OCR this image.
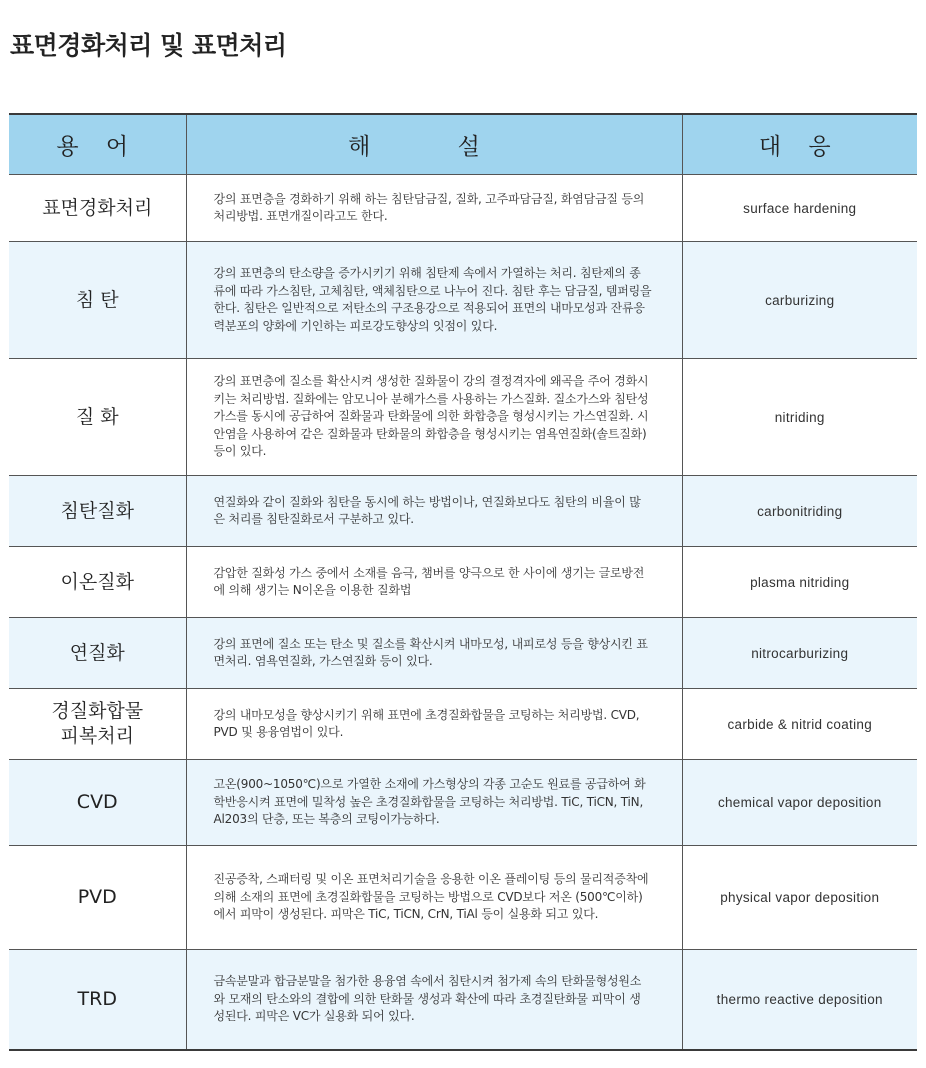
표면경화처리 및 표면처리
용 어	해 설	대 응
표면경화처리	강의 표면층을 경화하기 위해 하는 침탄담금질, 질화, 고주파담금질, 화염담금질 등의 처리방법. 표면개질이라고도 한다.	surface hardening
침 탄	강의 표면층의 탄소량을 증가시키기 위해 침탄제 속에서 가열하는 처리. 침탄제의 종류에 따라 가스침탄, 고체침탄, 액체침탄으로 나누어 진다. 침탄 후는 담금질, 템퍼링을 한다. 침탄은 일반적으로 저탄소의 구조용강으로 적용되어 표면의 내마모성과 잔류응력분포의 양화에 기인하는 피로강도향상의 잇점이 있다.	carburizing
질 화	강의 표면층에 질소를 확산시켜 생성한 질화물이 강의 결정격자에 왜곡을 주어 경화시키는 처리방법. 질화에는 암모니아 분해가스를 사용하는 가스질화. 질소가스와 침탄성 가스를 동시에 공급하여 질화물과 탄화물에 의한 화합층을 형성시키는 가스연질화. 시안염을 사용하여 같은 질화물과 탄화물의 화합층을 형성시키는 염욕연질화(솔트질화) 등이 있다.	nitriding
침탄질화	연질화와 같이 질화와 침탄을 동시에 하는 방법이나, 연질화보다도 침탄의 비율이 많은 처리를 침탄질화로서 구분하고 있다.	carbonitriding
이온질화	감압한 질화성 가스 중에서 소재를 음극, 챔버를 양극으로 한 사이에 생기는 글로방전에 의해 생기는 N이온을 이용한 질화법	plasma nitriding
연질화	강의 표면에 질소 또는 탄소 및 질소를 확산시켜 내마모성, 내피로성 등을 향상시킨 표면처리. 염욕연질화, 가스연질화 등이 있다.	nitrocarburizing
경질화합물
피복처리	강의 내마모성을 향상시키기 위해 표면에 초경질화합물을 코팅하는 처리방법. CVD, PVD 및 용융염법이 있다.	carbide & nitrid coating
CVD	고온(900~1050℃)으로 가열한 소재에 가스형상의 각종 고순도 원료를 공급하여 화학반응시켜 표면에 밀착성 높은 초경질화합물을 코팅하는 처리방법. TiC, TiCN, TiN, Al203의 단층, 또는 복층의 코팅이가능하다.	chemical vapor deposition
PVD	진공증착, 스패터링 및 이온 표면처리기술을 응용한 이온 플레이팅 등의 물리적증착에 의해 소재의 표면에 초경질화합물을 코팅하는 방법으로 CVD보다 저온 (500℃이하)에서 피막이 생성된다. 피막은 TiC, TiCN, CrN, TiAl 등이 실용화 되고 있다.	physical vapor deposition
TRD	금속분말과 합금분말을 첨가한 용융염 속에서 침탄시켜 첨가제 속의 탄화물형성원소와 모재의 탄소와의 결합에 의한 탄화물 생성과 확산에 따라 초경질탄화물 피막이 생성된다. 피막은 VC가 실용화 되어 있다.	thermo reactive deposition
